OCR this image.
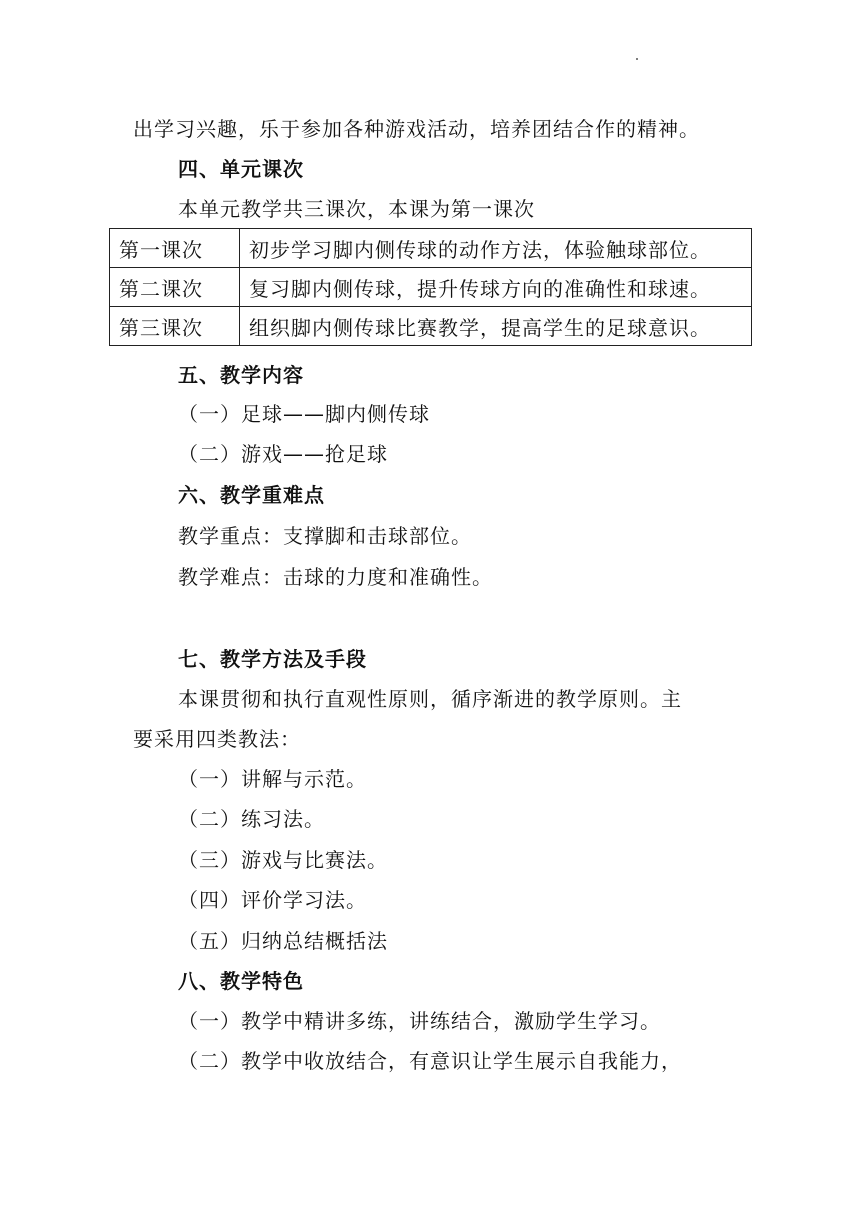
出学习兴趣，乐于参加各种游戏活动，培养团结合作的精神。
四、单元课次
本单元教学共三课次，本课为第一课次
第一课次	初步学习脚内侧传球的动作方法，体验触球部位。
第二课次	复习脚内侧传球，提升传球方向的准确性和球速。
第三课次	组织脚内侧传球比赛教学，提高学生的足球意识。
五、教学内容
（一）足球——脚内侧传球
（二）游戏——抢足球
六、教学重难点
教学重点：支撑脚和击球部位。
教学难点：击球的力度和准确性。
七、教学方法及手段
本课贯彻和执行直观性原则，循序渐进的教学原则。主
要采用四类教法：
（一）讲解与示范。
（二）练习法。
（三）游戏与比赛法。
（四）评价学习法。
（五）归纳总结概括法
八、教学特色
（一）教学中精讲多练，讲练结合，激励学生学习。
（二）教学中收放结合，有意识让学生展示自我能力，
